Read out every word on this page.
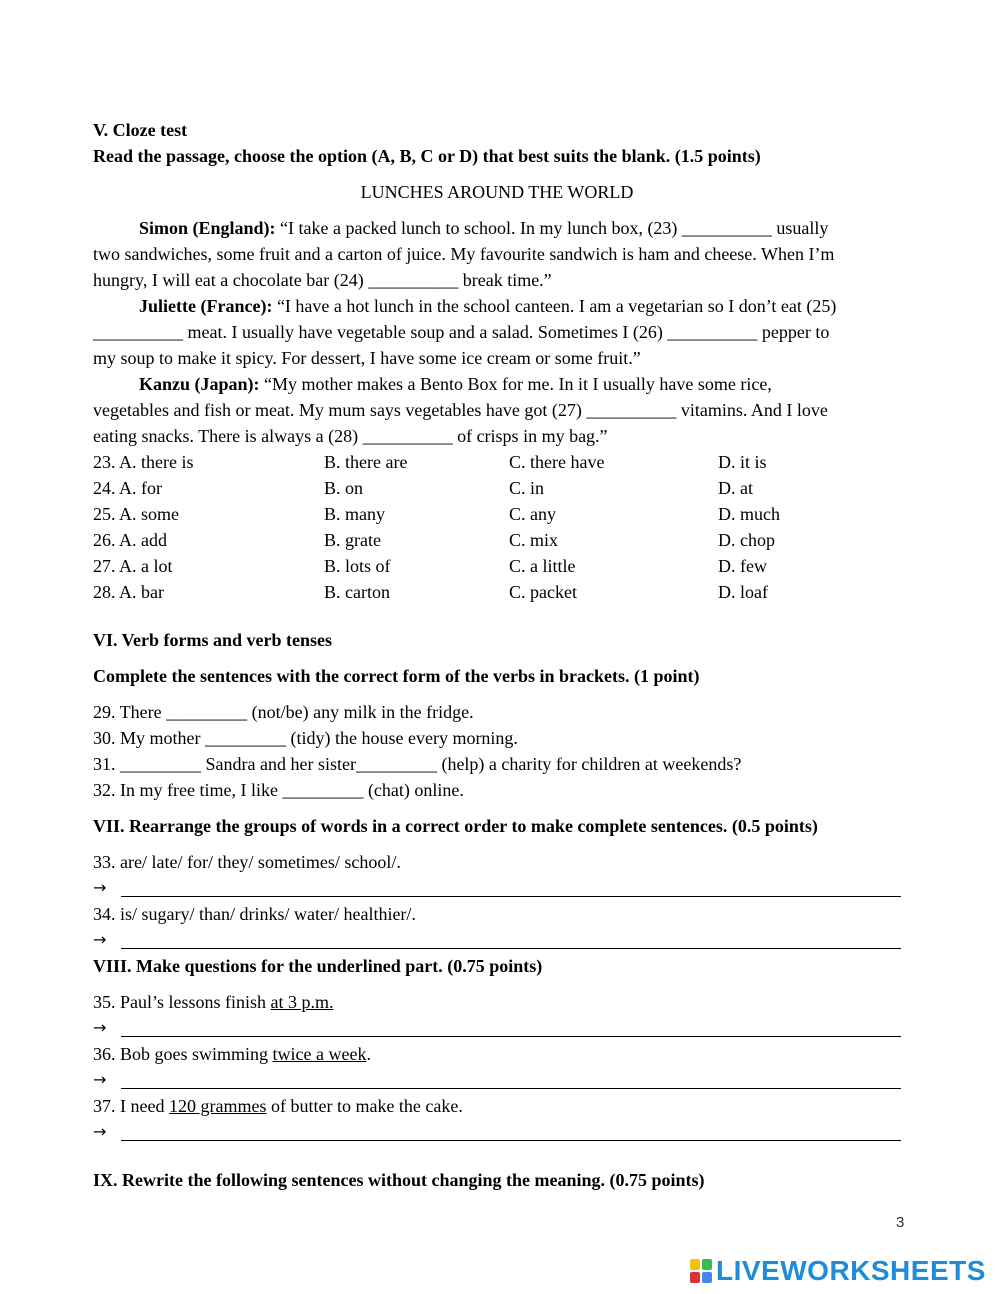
V. Cloze test
Read the passage, choose the option (A, B, C or D) that best suits the blank. (1.5 points)
LUNCHES AROUND THE WORLD
Simon (England): “I take a packed lunch to school. In my lunch box, (23) __________ usually
two sandwiches, some fruit and a carton of juice. My favourite sandwich is ham and cheese. When I’m
hungry, I will eat a chocolate bar (24) __________ break time.”
Juliette (France): “I have a hot lunch in the school canteen. I am a vegetarian so I don’t eat (25)
__________ meat. I usually have vegetable soup and a salad. Sometimes I (26) __________ pepper to
my soup to make it spicy. For dessert, I have some ice cream or some fruit.”
Kanzu (Japan): “My mother makes a Bento Box for me. In it I usually have some rice,
vegetables and fish or meat. My mum says vegetables have got (27) __________ vitamins. And I love
eating snacks. There is always a (28) __________ of crisps in my bag.”
23. A. there is	B. there are	C. there have	D. it is
24. A. for	B. on	C. in	D. at
25. A. some	B. many	C. any	D. much
26. A. add	B. grate	C. mix	D. chop
27. A. a lot	B. lots of	C. a little	D. few
28. A. bar	B. carton	C. packet	D. loaf
VI. Verb forms and verb tenses
Complete the sentences with the correct form of the verbs in brackets. (1 point)
29. There _________ (not/be) any milk in the fridge.
30. My mother _________ (tidy) the house every morning.
31. _________ Sandra and her sister_________ (help) a charity for children at weekends?
32. In my free time, I like _________ (chat) online.
VII. Rearrange the groups of words in a correct order to make complete sentences. (0.5 points)
33. are/ late/ for/ they/ sometimes/ school/.
→
34. is/ sugary/ than/ drinks/ water/ healthier/.
→
VIII. Make questions for the underlined part. (0.75 points)
35. Paul’s lessons finish at 3 p.m.
→
36. Bob goes swimming twice a week.
→
37. I need 120 grammes of butter to make the cake.
→
IX. Rewrite the following sentences without changing the meaning. (0.75 points)
3
LIVEWORKSHEETS
